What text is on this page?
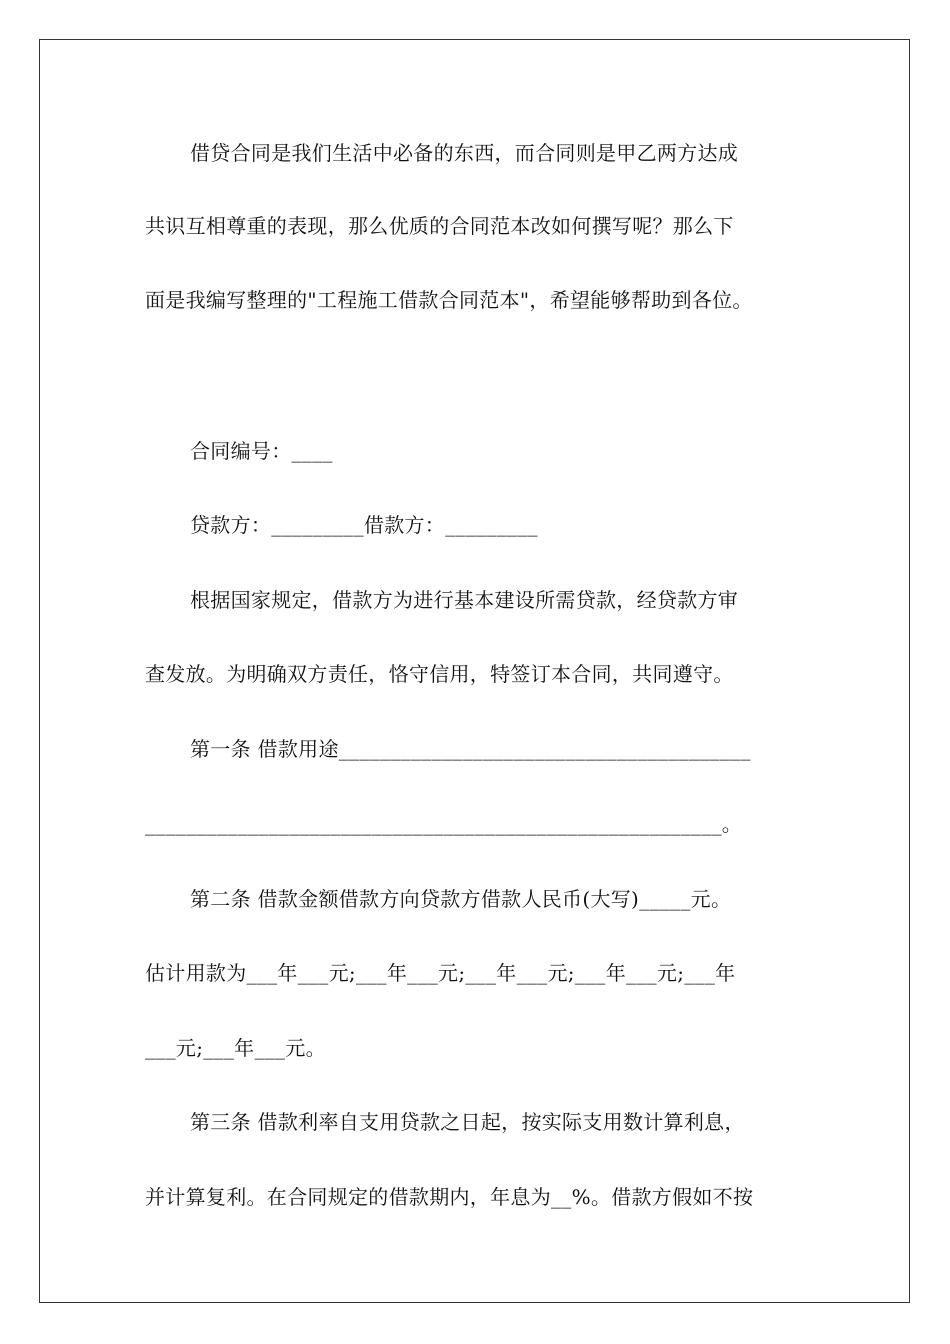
借贷合同是我们生活中必备的东西，而合同则是甲乙两方达成
共识互相尊重的表现，那么优质的合同范本改如何撰写呢？那么下
面是我编写整理的"工程施工借款合同范本"，希望能够帮助到各位。
合同编号：____
贷款方：_________借款方：_________
根据国家规定，借款方为进行基本建设所需贷款，经贷款方审
查发放。为明确双方责任，恪守信用，特签订本合同，共同遵守。
第一条 借款用途________________________________________
________________________________________________________。
第二条 借款金额借款方向贷款方借款人民币(大写)_____元。
估计用款为___年___元;___年___元;___年___元;___年___元;___年
___元;___年___元。
第三条 借款利率自支用贷款之日起，按实际支用数计算利息，
并计算复利。在合同规定的借款期内，年息为__%。借款方假如不按
